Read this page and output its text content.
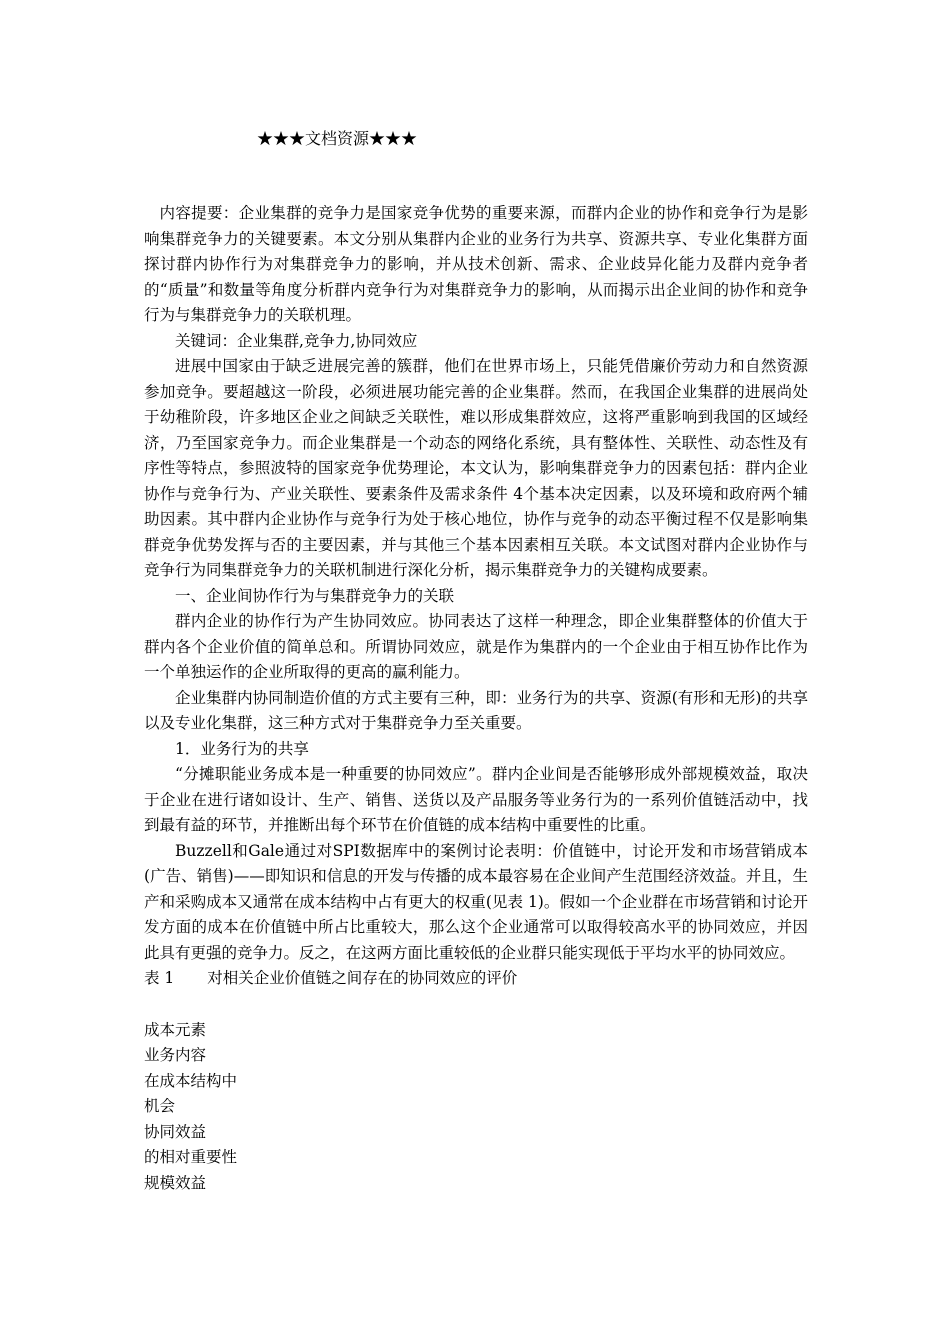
★★★文档资源★★★

内容提要：企业集群的竞争力是国家竞争优势的重要来源，而群内企业的协作和竞争行为是影响集群竞争力的关键要素。本文分别从集群内企业的业务行为共享、资源共享、专业化集群方面探讨群内协作行为对集群竞争力的影响，并从技术创新、需求、企业歧异化能力及群内竞争者的“质量”和数量等角度分析群内竞争行为对集群竞争力的影响，从而揭示出企业间的协作和竞争行为与集群竞争力的关联机理。

关键词：企业集群,竞争力,协同效应

进展中国家由于缺乏进展完善的簇群，他们在世界市场上，只能凭借廉价劳动力和自然资源参加竞争。要超越这一阶段，必须进展功能完善的企业集群。然而，在我国企业集群的进展尚处于幼稚阶段，许多地区企业之间缺乏关联性，难以形成集群效应，这将严重影响到我国的区域经济，乃至国家竞争力。而企业集群是一个动态的网络化系统，具有整体性、关联性、动态性及有序性等特点，参照波特的国家竞争优势理论，本文认为，影响集群竞争力的因素包括：群内企业协作与竞争行为、产业关联性、要素条件及需求条件 4个基本决定因素，以及环境和政府两个辅助因素。其中群内企业协作与竞争行为处于核心地位，协作与竞争的动态平衡过程不仅是影响集群竞争优势发挥与否的主要因素，并与其他三个基本因素相互关联。本文试图对群内企业协作与竞争行为同集群竞争力的关联机制进行深化分析，揭示集群竞争力的关键构成要素。

一、企业间协作行为与集群竞争力的关联

群内企业的协作行为产生协同效应。协同表达了这样一种理念，即企业集群整体的价值大于群内各个企业价值的简单总和。所谓协同效应，就是作为集群内的一个企业由于相互协作比作为一个单独运作的企业所取得的更高的赢利能力。

企业集群内协同制造价值的方式主要有三种，即：业务行为的共享、资源(有形和无形)的共享以及专业化集群，这三种方式对于集群竞争力至关重要。

1．业务行为的共享

“分摊职能业务成本是一种重要的协同效应”。群内企业间是否能够形成外部规模效益，取决于企业在进行诸如设计、生产、销售、送货以及产品服务等业务行为的一系列价值链活动中，找到最有益的环节，并推断出每个环节在价值链的成本结构中重要性的比重。

Buzzell和Gale通过对SPI数据库中的案例讨论表明：价值链中，讨论开发和市场营销成本(广告、销售)——即知识和信息的开发与传播的成本最容易在企业间产生范围经济效益。并且，生产和采购成本又通常在成本结构中占有更大的权重(见表 1)。假如一个企业群在市场营销和讨论开发方面的成本在价值链中所占比重较大，那么这个企业通常可以取得较高水平的协同效应，并因此具有更强的竞争力。反之，在这两方面比重较低的企业群只能实现低于平均水平的协同效应。

表 1 对相关企业价值链之间存在的协同效应的评价

成本元素
业务内容
在成本结构中
机会
协同效益
的相对重要性
规模效益
